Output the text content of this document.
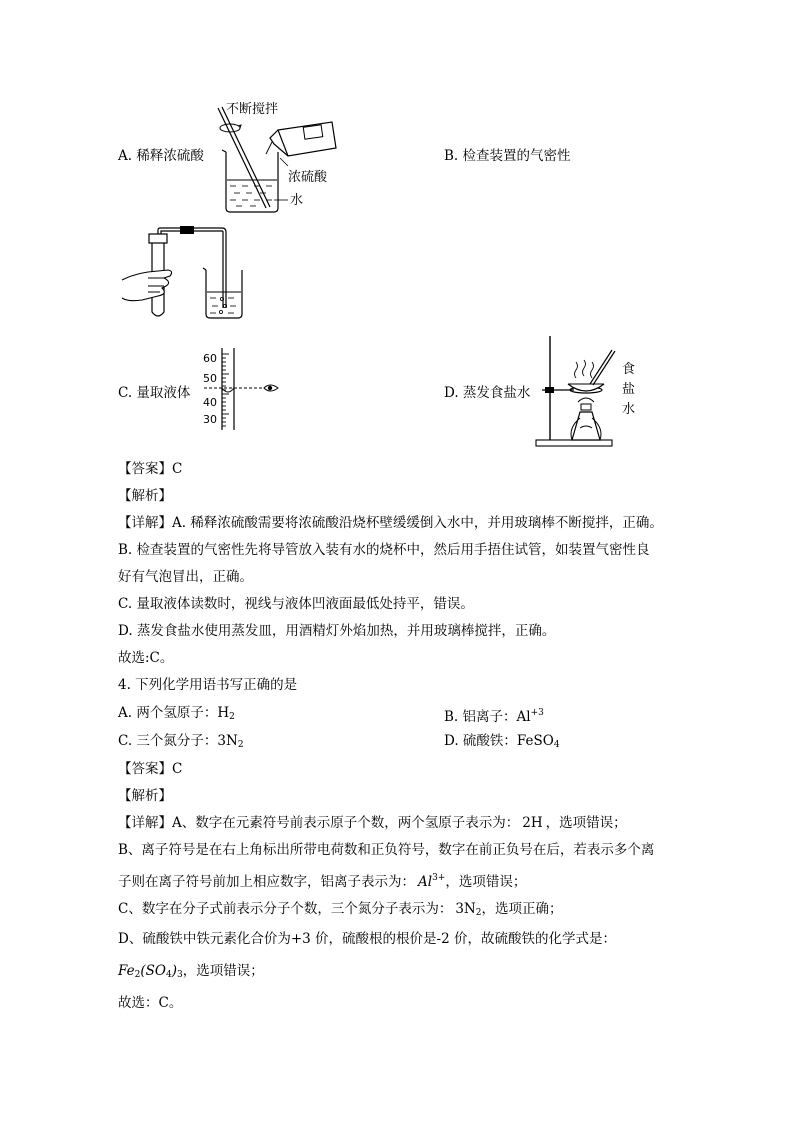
A. 稀释浓硫酸
不断搅拌
浓硫酸
水
B. 检查装置的气密性
C. 量取液体
60
50
40
30
D. 蒸发食盐水
食
盐
水
【答案】C
【解析】
【详解】A. 稀释浓硫酸需要将浓硫酸沿烧杯壁缓缓倒入水中，并用玻璃棒不断搅拌，正确。
B. 检查装置的气密性先将导管放入装有水的烧杯中，然后用手捂住试管，如装置气密性良
好有气泡冒出，正确。
C. 量取液体读数时，视线与液体凹液面最低处持平，错误。
D. 蒸发食盐水使用蒸发皿，用酒精灯外焰加热，并用玻璃棒搅拌，正确。
故选:C。
4. 下列化学用语书写正确的是
A. 两个氢原子：$H_2$	B. 铝离子：$Al^{+3}$
C. 三个氮分子：$3N_2$	D. 硫酸铁：FeSO$_4$
【答案】C
【解析】
【详解】A、数字在元素符号前表示原子个数，两个氢原子表示为： 2H ，选项错误；
B、离子符号是在右上角标出所带电荷数和正负符号，数字在前正负号在后，若表示多个离
子则在离子符号前加上相应数字，铝离子表示为： $Al^{3+}$，选项错误；
C、数字在分子式前表示分子个数，三个氮分子表示为： $3N_2$，选项正确；
D、硫酸铁中铁元素化合价为+3 价，硫酸根的根价是-2 价，故硫酸铁的化学式是：
$Fe_2(SO_4)_3$，选项错误；
故选：C。
